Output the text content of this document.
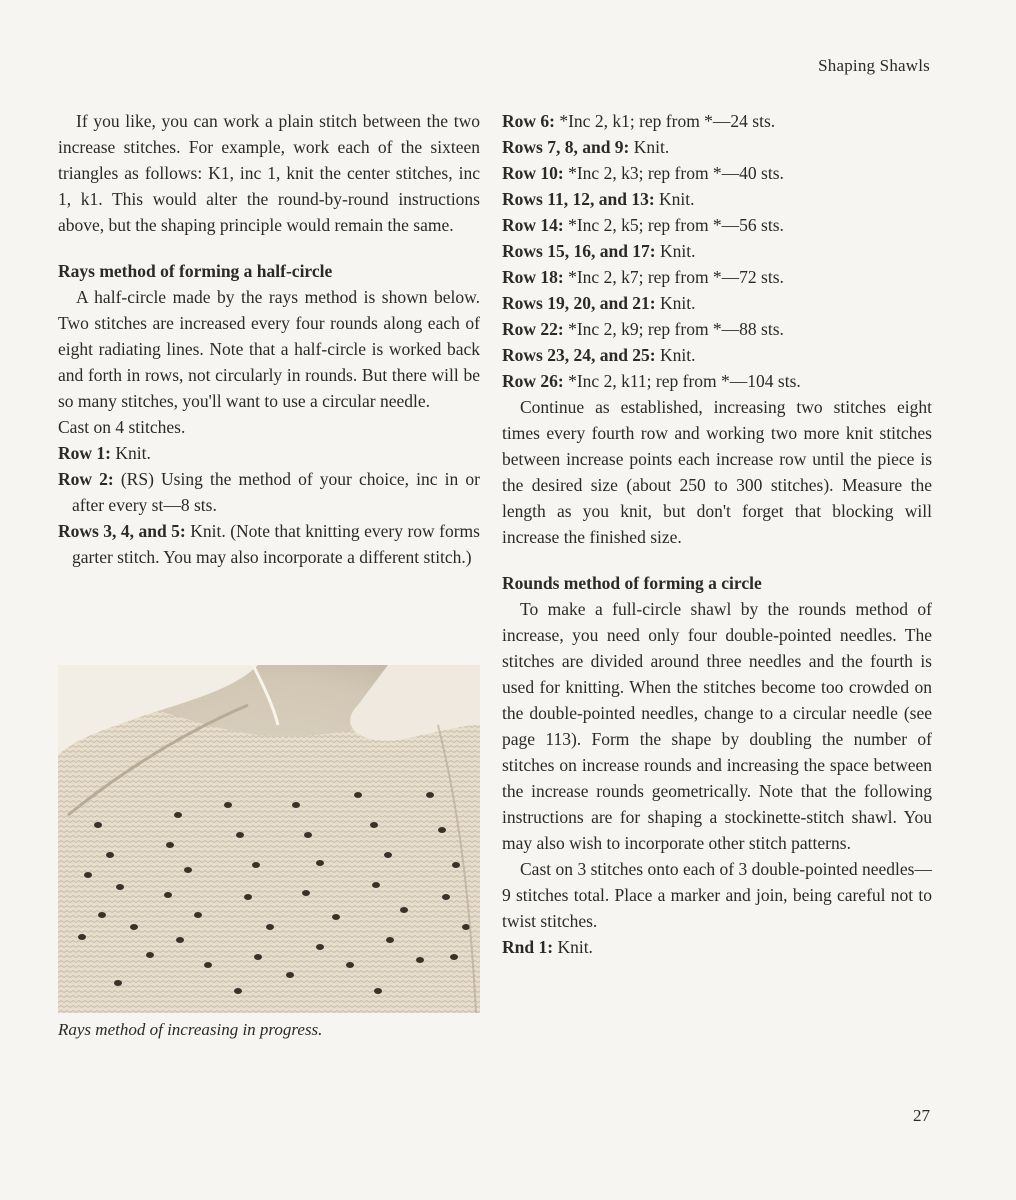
Shaping Shawls

If you like, you can work a plain stitch between the two increase stitches. For example, work each of the sixteen triangles as follows: K1, inc 1, knit the center stitches, inc 1, k1. This would alter the round-by-round instructions above, but the shaping principle would remain the same.

Rays method of forming a half-circle

A half-circle made by the rays method is shown below. Two stitches are increased every four rounds along each of eight radiating lines. Note that a half-circle is worked back and forth in rows, not circularly in rounds. But there will be so many stitches, you'll want to use a circular needle.

Cast on 4 stitches.

Row 1: Knit.

Row 2: (RS) Using the method of your choice, inc in or after every st—8 sts.

Rows 3, 4, and 5: Knit. (Note that knitting every row forms garter stitch. You may also incorporate a different stitch.)

Rays method of increasing in progress.

Row 6: *Inc 2, k1; rep from *—24 sts.

Rows 7, 8, and 9: Knit.

Row 10: *Inc 2, k3; rep from *—40 sts.

Rows 11, 12, and 13: Knit.

Row 14: *Inc 2, k5; rep from *—56 sts.

Rows 15, 16, and 17: Knit.

Row 18: *Inc 2, k7; rep from *—72 sts.

Rows 19, 20, and 21: Knit.

Row 22: *Inc 2, k9; rep from *—88 sts.

Rows 23, 24, and 25: Knit.

Row 26: *Inc 2, k11; rep from *—104 sts.

Continue as established, increasing two stitches eight times every fourth row and working two more knit stitches between increase points each increase row until the piece is the desired size (about 250 to 300 stitches). Measure the length as you knit, but don't forget that blocking will increase the finished size.

Rounds method of forming a circle

To make a full-circle shawl by the rounds method of increase, you need only four double-pointed needles. The stitches are divided around three needles and the fourth is used for knitting. When the stitches become too crowded on the double-pointed needles, change to a circular needle (see page 113). Form the shape by doubling the number of stitches on increase rounds and increasing the space between the increase rounds geometrically. Note that the following instructions are for shaping a stockinette-stitch shawl. You may also wish to incorporate other stitch patterns.

Cast on 3 stitches onto each of 3 double-pointed needles—9 stitches total. Place a marker and join, being careful not to twist stitches.

Rnd 1: Knit.

27
